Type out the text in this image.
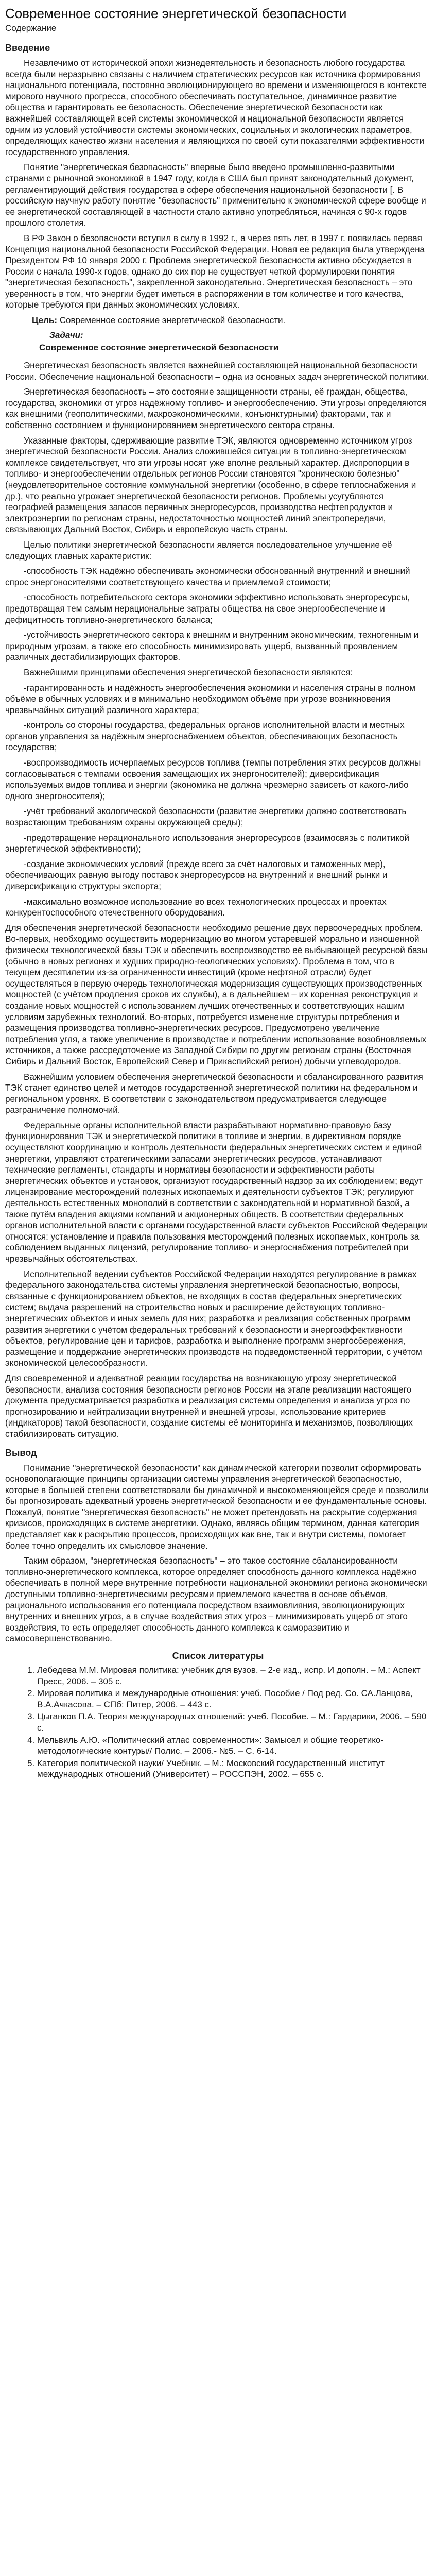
Современное состояние энергетической безопасности
Содержание
Введение

Незавлечимо от исторической эпохи жизнедеятельность и безопасность любого государства всегда были неразрывно связаны с наличием стратегических ресурсов как источника формирования национального потенциала, постоянно эволюционирующего во времени и изменяющегося в контексте мирового научного прогресса, способного обеспечивать поступательное, динамичное развитие общества и гарантировать ее безопасность. Обеспечение энергетической безопасности как важнейшей составляющей всей системы экономической и национальной безопасности является одним из условий устойчивости системы экономических, социальных и экологических параметров, определяющих качество жизни населения и являющихся по своей сути показателями эффективности государственного управления.

Понятие "энергетическая безопасность" впервые было введено промышленно-развитыми странами с рыночной экономикой в 1947 году, когда в США был принят законодательный документ, регламентирующий действия государства в сфере обеспечения национальной безопасности [. В российскую научную работу понятие "безопасность" применительно к экономической сфере вообще и ее энергетической составляющей в частности стало активно употребляться, начиная с 90-х годов прошлого столетия.

В РФ Закон о безопасности вступил в силу в 1992 г., а через пять лет, в 1997 г. появилась первая Концепция национальной безопасности Российской Федерации. Новая ее редакция была утверждена Президентом РФ 10 января 2000 г. Проблема энергетической безопасности активно обсуждается в России с начала 1990-х годов, однако до сих пор не существует четкой формулировки понятия "энергетическая безопасность", закрепленной законодательно. Энергетическая безопасность – это уверенность в том, что энергии будет иметься в распоряжении в том количестве и того качества, которые требуются при данных экономических условиях.

Цель: Современное состояние энергетической безопасности.
Задачи:
Современное состояние энергетической безопасности

Энергетическая безопасность является важнейшей составляющей национальной безопасности России. Обеспечение национальной безопасности – одна из основных задач энергетической политики.

Энергетическая безопасность – это состояние защищенности страны, её граждан, общества, государства, экономики от угроз надёжному топливо- и энергообеспечению. Эти угрозы определяются как внешними (геополитическими, макроэкономическими, конъюнктурными) факторами, так и собственно состоянием и функционированием энергетического сектора страны.

Указанные факторы, сдерживающие развитие ТЭК, являются одновременно источником угроз энергетической безопасности России. Анализ сложившейся ситуации в топливно-энергетическом комплексе свидетельствует, что эти угрозы носят уже вполне реальный характер. Диспропорции в топливо- и энергообеспечении отдельных регионов России становятся "хроническою болезнью" (неудовлетворительное состояние коммунальной энергетики (особенно, в сфере теплоснабжения и др.), что реально угрожает энергетической безопасности регионов. Проблемы усугубляются географией размещения запасов первичных энергоресурсов, производства нефтепродуктов и электроэнергии по регионам страны, недостаточностью мощностей линий электропередачи, связывающих Дальний Восток, Сибирь и европейскую часть страны.

Целью политики энергетической безопасности является последовательное улучшение её следующих главных характеристик:

-способность ТЭК надёжно обеспечивать экономически обоснованный внутренний и внешний спрос энергоносителями соответствующего качества и приемлемой стоимости;

-способность потребительского сектора экономики эффективно использовать энергоресурсы, предотвращая тем самым нерациональные затраты общества на свое энергообеспечение и дефицитность топливно-энергетического баланса;

-устойчивость энергетического сектора к внешним и внутренним экономическим, техногенным и природным угрозам, а также его способность минимизировать ущерб, вызванный проявлением различных дестабилизирующих факторов.

Важнейшими принципами обеспечения энергетической безопасности являются:

-гарантированность и надёжность энергообеспечения экономики и населения страны в полном объёме в обычных условиях и в минимально необходимом объёме при угрозе возникновения чрезвычайных ситуаций различного характера;

-контроль со стороны государства, федеральных органов исполнительной власти и местных органов управления за надёжным энергоснабжением объектов, обеспечивающих безопасность государства;

-воспроизводимость исчерпаемых ресурсов топлива (темпы потребления этих ресурсов должны согласовываться с темпами освоения замещающих их энергоносителей); диверсификация используемых видов топлива и энергии (экономика не должна чрезмерно зависеть от какого-либо одного энергоносителя);

-учёт требований экологической безопасности (развитие энергетики должно соответствовать возрастающим требованиям охраны окружающей среды);

-предотвращение нерационального использования энергоресурсов (взаимосвязь с политикой энергетической эффективности);

-создание экономических условий (прежде всего за счёт налоговых и таможенных мер), обеспечивающих равную выгоду поставок энергоресурсов на внутренний и внешний рынки и диверсификацию структуры экспорта;

-максимально возможное использование во всех технологических процессах и проектах конкурентоспособного отечественного оборудования.

Для обеспечения энергетической безопасности необходимо решение двух первоочередных проблем. Во-первых, необходимо осуществить модернизацию во многом устаревшей морально и изношенной физически технологической базы ТЭК и обеспечить воспроизводство её выбывающей ресурсной базы (обычно в новых регионах и худших природно-геологических условиях). Проблема в том, что в текущем десятилетии из-за ограниченности инвестиций (кроме нефтяной отрасли) будет осуществляться в первую очередь технологическая модернизация существующих производственных мощностей (с учётом продления сроков их службы), а в дальнейшем – их коренная реконструкция и создание новых мощностей с использованием лучших отечественных и соответствующих нашим условиям зарубежных технологий. Во-вторых, потребуется изменение структуры потребления и размещения производства топливно-энергетических ресурсов. Предусмотрено увеличение потребления угля, а также увеличение в производстве и потреблении использование возобновляемых источников, а также рассредоточение из Западной Сибири по другим регионам страны (Восточная Сибирь и Дальний Восток, Европейский Север и Прикаспийский регион) добычи углеводородов.

Важнейшим условием обеспечения энергетической безопасности и сбалансированного развития ТЭК станет единство целей и методов государственной энергетической политики на федеральном и региональном уровнях. В соответствии с законодательством предусматривается следующее разграничение полномочий.

Федеральные органы исполнительной власти разрабатывают нормативно-правовую базу функционирования ТЭК и энергетической политики в топливе и энергии, в директивном порядке осуществляют координацию и контроль деятельности федеральных энергетических систем и единой энергетики, управляют стратегическими запасами энергетических ресурсов, устанавливают технические регламенты, стандарты и нормативы безопасности и эффективности работы энергетических объектов и установок, организуют государственный надзор за их соблюдением; ведут лицензирование месторождений полезных ископаемых и деятельности субъектов ТЭК; регулируют деятельность естественных монополий в соответствии с законодательной и нормативной базой, а также путём владения акциями компаний и акционерных обществ. В соответствии федеральных органов исполнительной власти с органами государственной власти субъектов Российской Федерации относятся: установление и правила пользования месторождений полезных ископаемых, контроль за соблюдением выданных лицензий, регулирование топливо- и энергоснабжения потребителей при чрезвычайных обстоятельствах.

Исполнительной ведении субъектов Российской Федерации находятся регулирование в рамках федерального законодательства системы управления энергетической безопасностью, вопросы, связанные с функционированием объектов, не входящих в состав федеральных энергетических систем; выдача разрешений на строительство новых и расширение действующих топливно-энергетических объектов и иных земель для них; разработка и реализация собственных программ развития энергетики с учётом федеральных требований к безопасности и энергоэффективности объектов, регулирование цен и тарифов, разработка и выполнение программ энергосбережения, размещение и поддержание энергетических производств на подведомственной территории, с учётом экономической целесообразности.

Для своевременной и адекватной реакции государства на возникающую угрозу энергетической безопасности, анализа состояния безопасности регионов России на этапе реализации настоящего документа предусматривается разработка и реализация системы определения и анализа угроз по прогнозированию и нейтрализации внутренней и внешней угрозы, использование критериев (индикаторов) такой безопасности, создание системы её мониторинга и механизмов, позволяющих стабилизировать ситуацию.

Вывод

Понимание "энергетической безопасности" как динамической категории позволит сформировать основополагающие принципы организации системы управления энергетической безопасностью, которые в большей степени соответствовали бы динамичной и высокоменяющейся среде и позволили бы прогнозировать адекватный уровень энергетической безопасности и ее фундаментальные основы. Пожалуй, понятие "энергетическая безопасность" не может претендовать на раскрытие содержания кризисов, происходящих в системе энергетики. Однако, являясь общим термином, данная категория представляет как к раскрытию процессов, происходящих как вне, так и внутри системы, помогает более точно определить их смысловое значение.

Таким образом, "энергетическая безопасность" – это такое состояние сбалансированности топливно-энергетического комплекса, которое определяет способность данного комплекса надёжно обеспечивать в полной мере внутренние потребности национальной экономики региона экономически доступными топливно-энергетическими ресурсами приемлемого качества в основе объёмов, рационального использования его потенциала посредством взаимовлияния, эволюционирующих внутренних и внешних угроз, а в случае воздействия этих угроз – минимизировать ущерб от этого воздействия, то есть определяет способность данного комплекса к саморазвитию и самосовершенствованию.

Список литературы
1. Лебедева М.М. Мировая политика: учебник для вузов. – 2-е изд., испр. И дополн. – М.: Аспект Пресс, 2006. – 305 с.
2. Мировая политика и международные отношения: учеб. Пособие / Под ред. Со. СА.Ланцова, В.А.Ачкасова. – СПб: Питер, 2006. – 443 с.
3. Цыганков П.А. Теория международных отношений: учеб. Пособие. – М.: Гардарики, 2006. – 590 с.
4. Мельвиль А.Ю. «Политический атлас современности»: Замысел и общие теоретико-методологические контуры// Полис. – 2006.- №5. – С. 6-14.
5. Категория политической науки/ Учебник. – М.: Московский государственный институт международных отношений (Университет) – РОССПЭН, 2002. – 655 с.
